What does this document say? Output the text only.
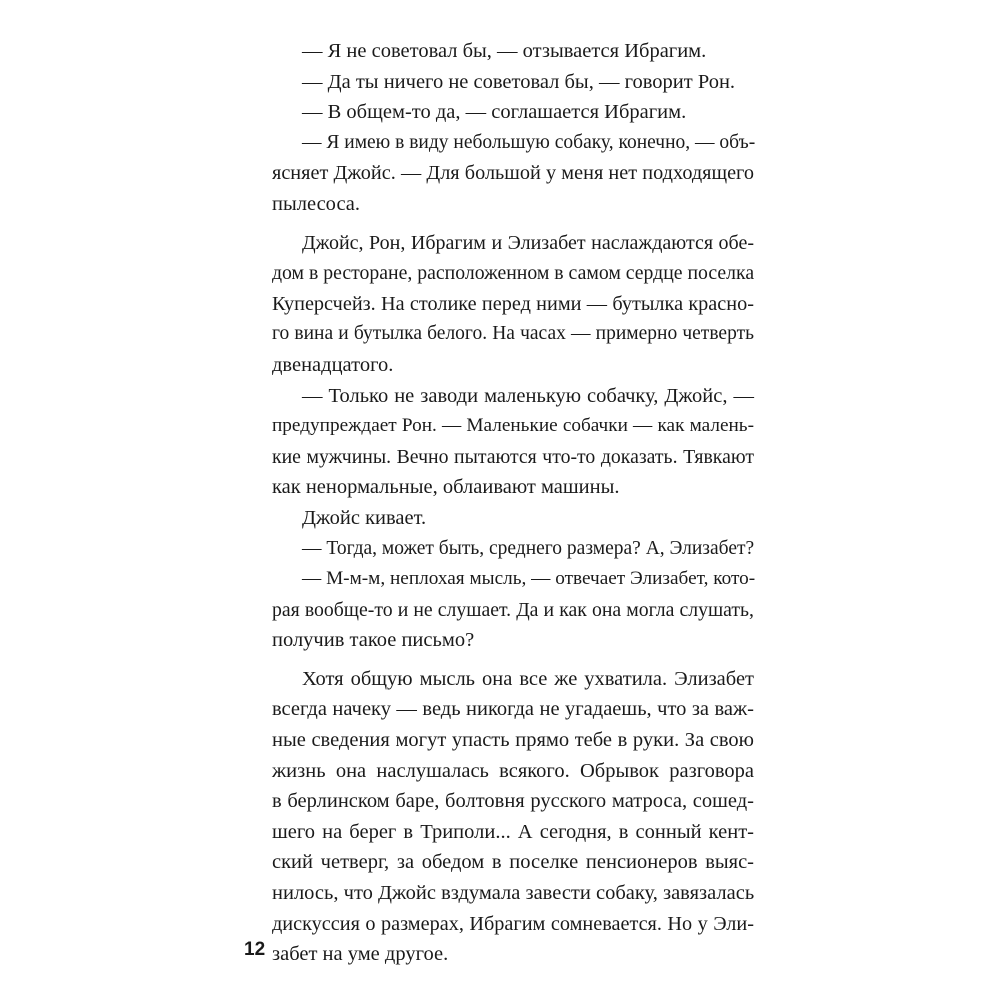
— Я не советовал бы, — отзывается Ибрагим.
— Да ты ничего не советовал бы, — говорит Рон.
— В общем-то да, — соглашается Ибрагим.
— Я имею в виду небольшую собаку, конечно, — объ-
ясняет Джойс. — Для большой у меня нет подходящего
пылесоса.
Джойс, Рон, Ибрагим и Элизабет наслаждаются обе-
дом в ресторане, расположенном в самом сердце поселка
Куперсчейз. На столике перед ними — бутылка красно-
го вина и бутылка белого. На часах — примерно четверть
двенадцатого.
— Только не заводи маленькую собачку, Джойс, —
предупреждает Рон. — Маленькие собачки — как малень-
кие мужчины. Вечно пытаются что-то доказать. Тявкают
как ненормальные, облаивают машины.
Джойс кивает.
— Тогда, может быть, среднего размера? А, Элизабет?
— М-м-м, неплохая мысль, — отвечает Элизабет, кото-
рая вообще-то и не слушает. Да и как она могла слушать,
получив такое письмо?
Хотя общую мысль она все же ухватила. Элизабет
всегда начеку — ведь никогда не угадаешь, что за важ-
ные сведения могут упасть прямо тебе в руки. За свою
жизнь она наслушалась всякого. Обрывок разговора
в берлинском баре, болтовня русского матроса, сошед-
шего на берег в Триполи... А сегодня, в сонный кент-
ский четверг, за обедом в поселке пенсионеров выяс-
нилось, что Джойс вздумала завести собаку, завязалась
дискуссия о размерах, Ибрагим сомневается. Но у Эли-
забет на уме другое.
12
